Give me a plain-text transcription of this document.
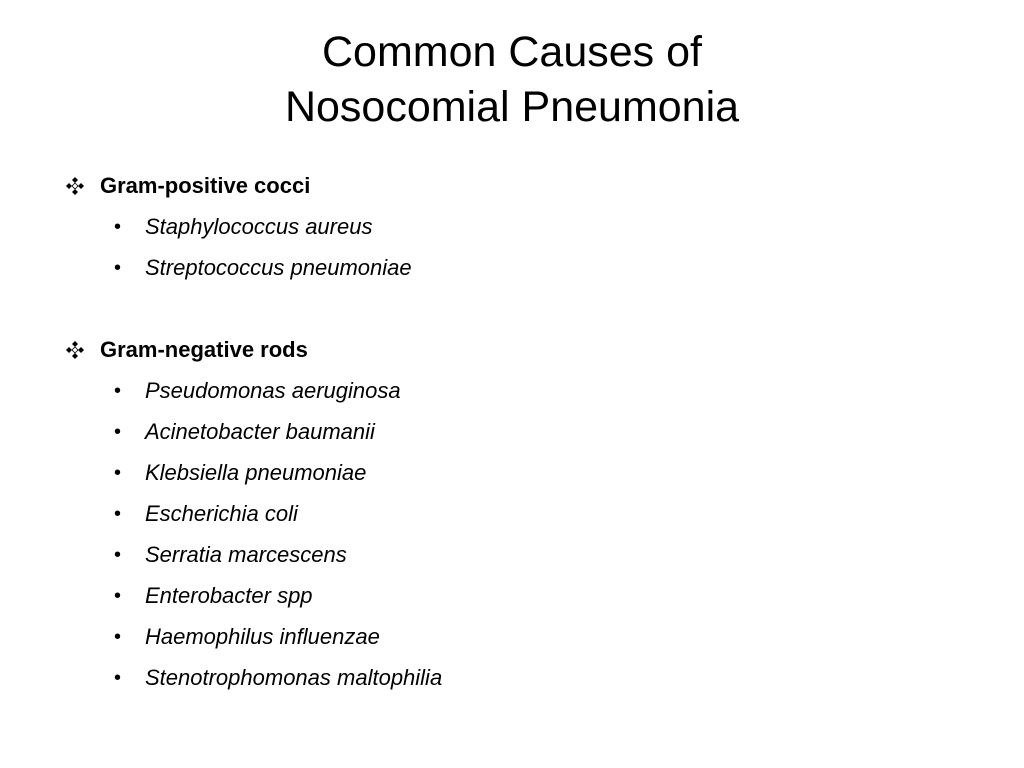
Common Causes of
Nosocomial Pneumonia
Gram-positive cocci
• Staphylococcus aureus
• Streptococcus pneumoniae
Gram-negative rods
• Pseudomonas aeruginosa
• Acinetobacter baumanii
• Klebsiella pneumoniae
• Escherichia coli
• Serratia marcescens
• Enterobacter spp
• Haemophilus influenzae
• Stenotrophomonas maltophilia
